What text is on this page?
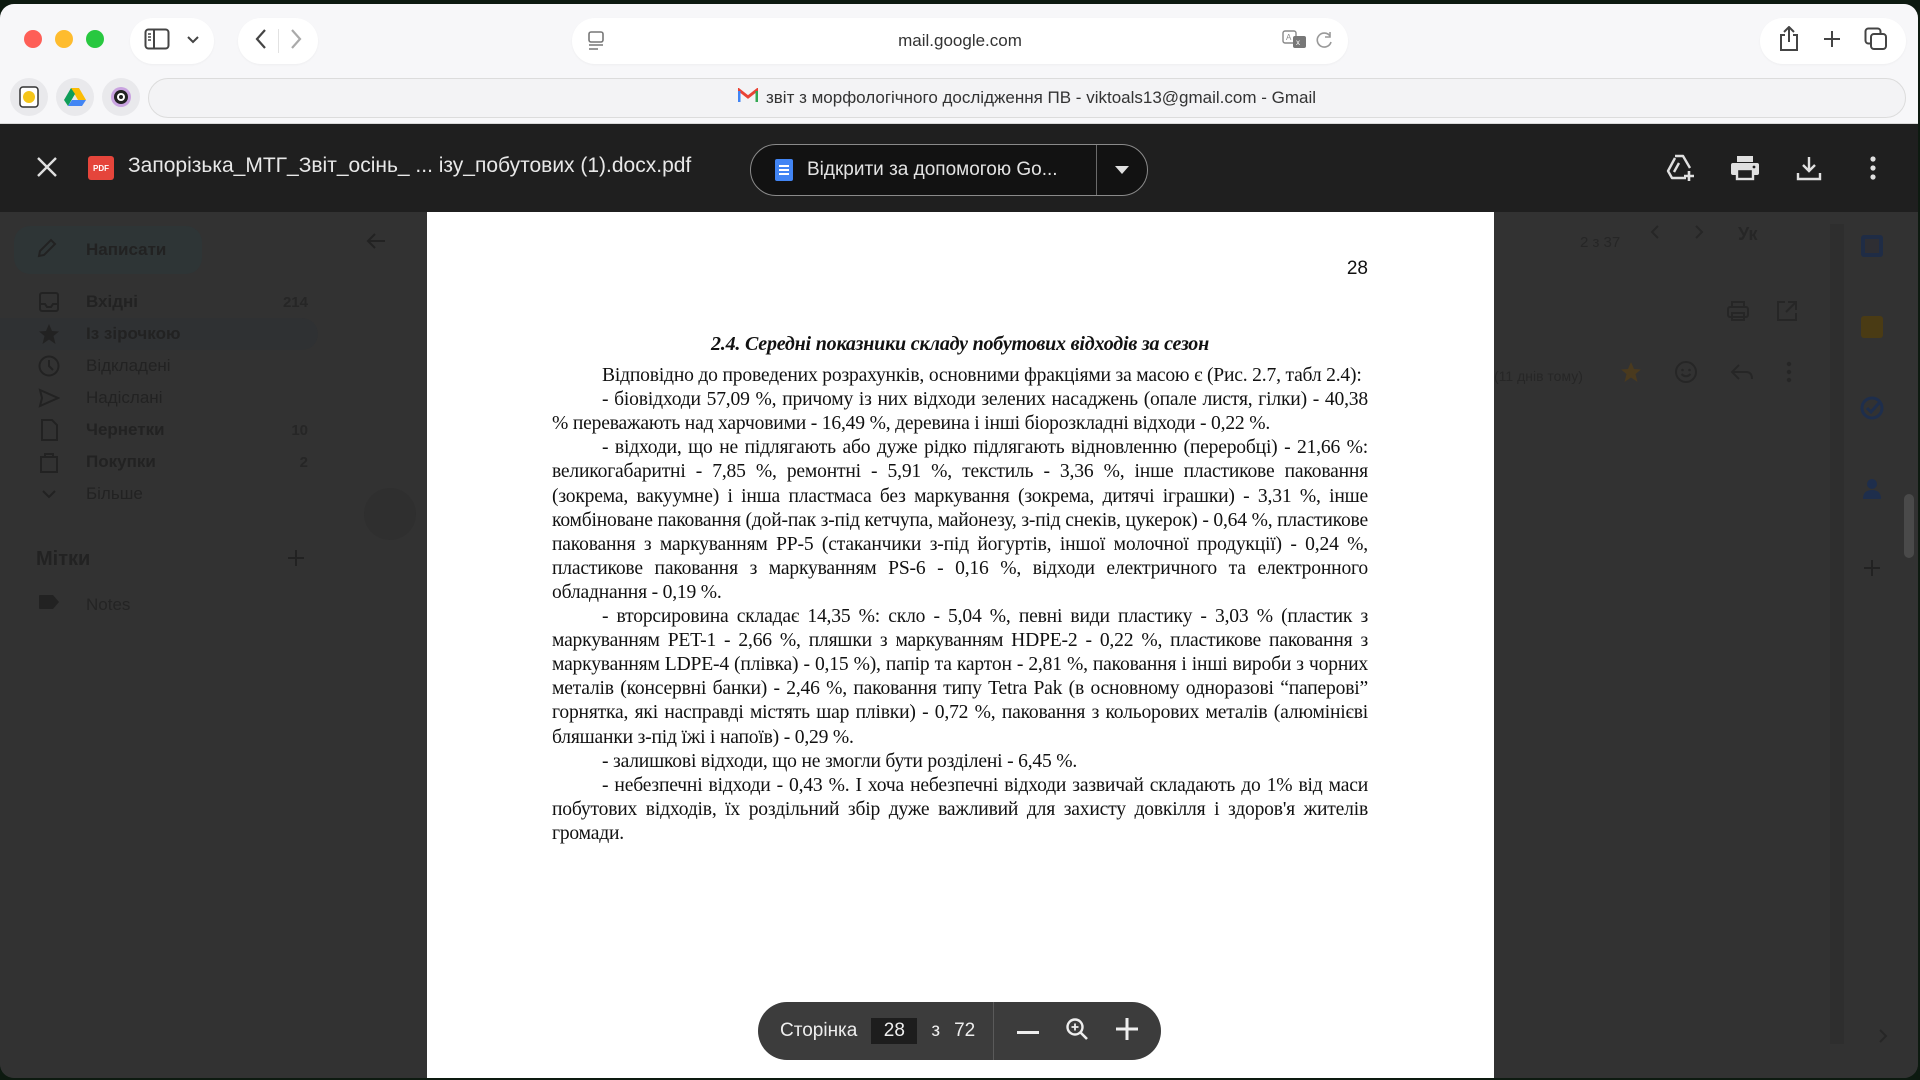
mail.google.com	A
x
звіт з морфологічного дослідження ПВ - viktoals13@gmail.com - Gmail
Написати
Вхідні	214
Із зірочкою
Відкладені
Надіслані
Чернетки	10
Покупки	2
Більше
Мітки
Notes
2 з 37	Ук
(11 днів тому)
PDF Запорізька_МТГ_Звіт_осінь_ ... ізу_побутових (1).docx.pdf	Відкрити за допомогою Go...
28
2.4. Середні показники складу побутових відходів за сезон

Відповідно до проведених розрахунків, основними фракціями за масою є (Рис. 2.7, табл 2.4):

- біовідходи 57,09 %, причому із них відходи зелених насаджень (опале листя, гілки) - 40,38 % переважають над харчовими - 16,49 %, деревина і інші біорозкладні відходи - 0,22 %.

- відходи, що не підлягають або дуже рідко підлягають відновленню (переробці) - 21,66 %: великогабаритні - 7,85 %, ремонтні - 5,91 %, текстиль - 3,36 %, інше пластикове паковання (зокрема, вакуумне) і інша пластмаса без маркування (зокрема, дитячі іграшки) - 3,31 %, інше комбіноване паковання (дой-пак з-під кетчупа, майонезу, з-під снеків, цукерок) - 0,64 %, пластикове паковання з маркуванням PP-5 (стаканчики з-під йогуртів, іншої молочної продукції) - 0,24 %, пластикове паковання з маркуванням PS-6 - 0,16 %, відходи електричного та електронного обладнання - 0,19 %.

- вторсировина складає 14,35 %: скло - 5,04 %, певні види пластику - 3,03 % (пластик з маркуванням PET-1 - 2,66 %, пляшки з маркуванням HDPE-2 - 0,22 %, пластикове паковання з маркуванням LDPE-4 (плівка) - 0,15 %), папір та картон - 2,81 %, паковання і інші вироби з чорних металів (консервні банки) - 2,46 %, паковання типу Tetra Pak (в основному одноразові “паперові” горнятка, які насправді містять шар плівки) - 0,72 %, паковання з кольорових металів (алюмінієві бляшанки з-під їжі і напоїв) - 0,29 %.

- залишкові відходи, що не змогли бути розділені - 6,45 %.

- небезпечні відходи - 0,43 %. І хоча небезпечні відходи зазвичай складають до 1% від маси побутових відходів, їх роздільний збір дуже важливий для захисту довкілля і здоров'я жителів громади.

Сторінка	28	з 72
